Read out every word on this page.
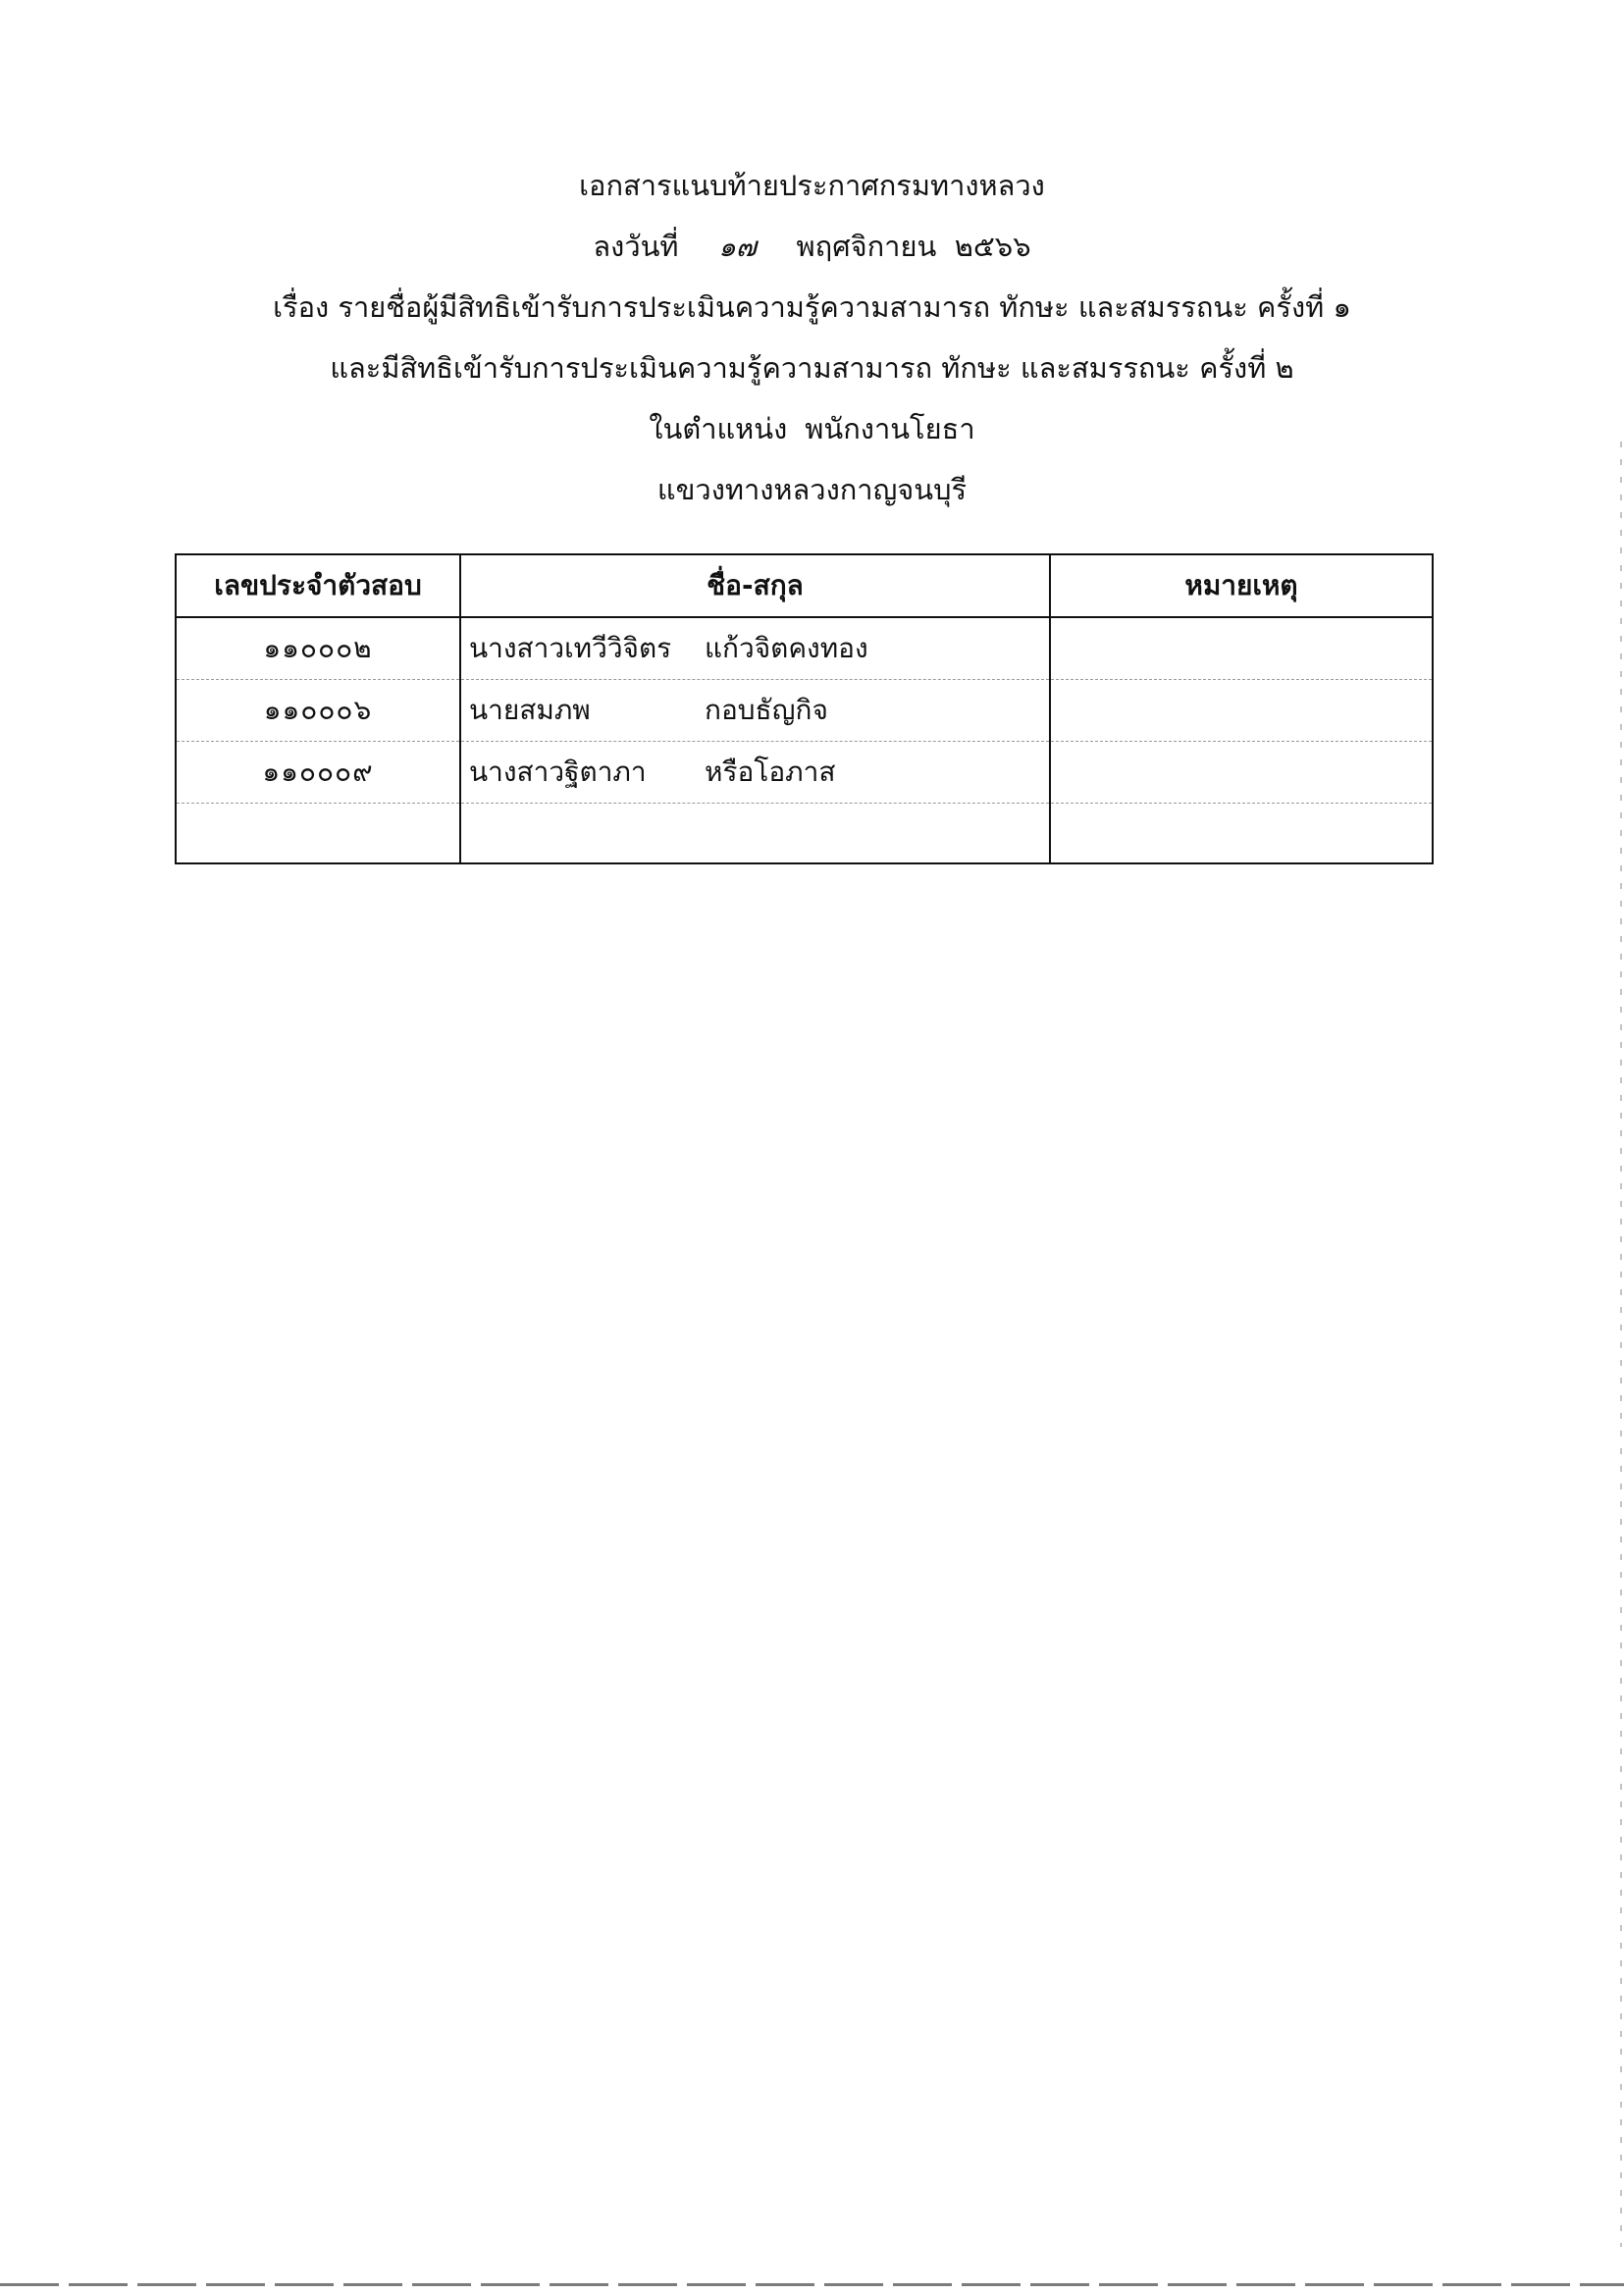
เอกสารแนบท้ายประกาศกรมทางหลวง
ลงวันที่ ๑๗ พฤศจิกายน ๒๕๖๖
เรื่อง รายชื่อผู้มีสิทธิเข้ารับการประเมินความรู้ความสามารถ ทักษะ และสมรรถนะ ครั้งที่ ๑
และมีสิทธิเข้ารับการประเมินความรู้ความสามารถ ทักษะ และสมรรถนะ ครั้งที่ ๒
ในตำแหน่ง พนักงานโยธา
แขวงทางหลวงกาญจนบุรี
เลขประจำตัวสอบ	ชื่อ-สกุล	หมายเหตุ
๑๑๐๐๐๒	นางสาวเทวีวิจิตร แก้วจิตคงทอง	
๑๑๐๐๐๖	นายสมภพ กอบธัญกิจ	
๑๑๐๐๐๙	นางสาวฐิตาภา หรือโอภาส	
